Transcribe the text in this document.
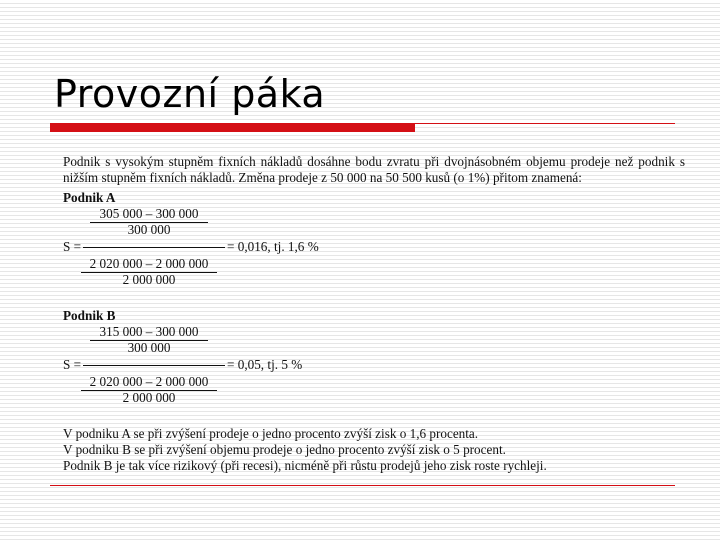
Provozní páka

Podnik s vysokým stupněm fixních nákladů dosáhne bodu zvratu při dvojnásobném objemu prodeje než podnik s nižším stupněm fixních nákladů. Změna prodeje z 50 000 na 50 500 kusů (o 1%) přitom znamená:

Podnik A

305 000 – 300 000
300 000
S =	= 0,016, tj. 1,6 %
2 020 000 – 2 000 000
2 000 000

Podnik B

315 000 – 300 000
300 000
S =	= 0,05, tj. 5 %
2 020 000 – 2 000 000
2 000 000

V podniku A se při zvýšení prodeje o jedno procento zvýší zisk o 1,6 procenta.

V podniku B se při zvýšení objemu prodeje o jedno procento zvýší zisk o 5 procent.

Podnik B je tak více rizikový (při recesi), nicméně při růstu prodejů jeho zisk roste rychleji.
